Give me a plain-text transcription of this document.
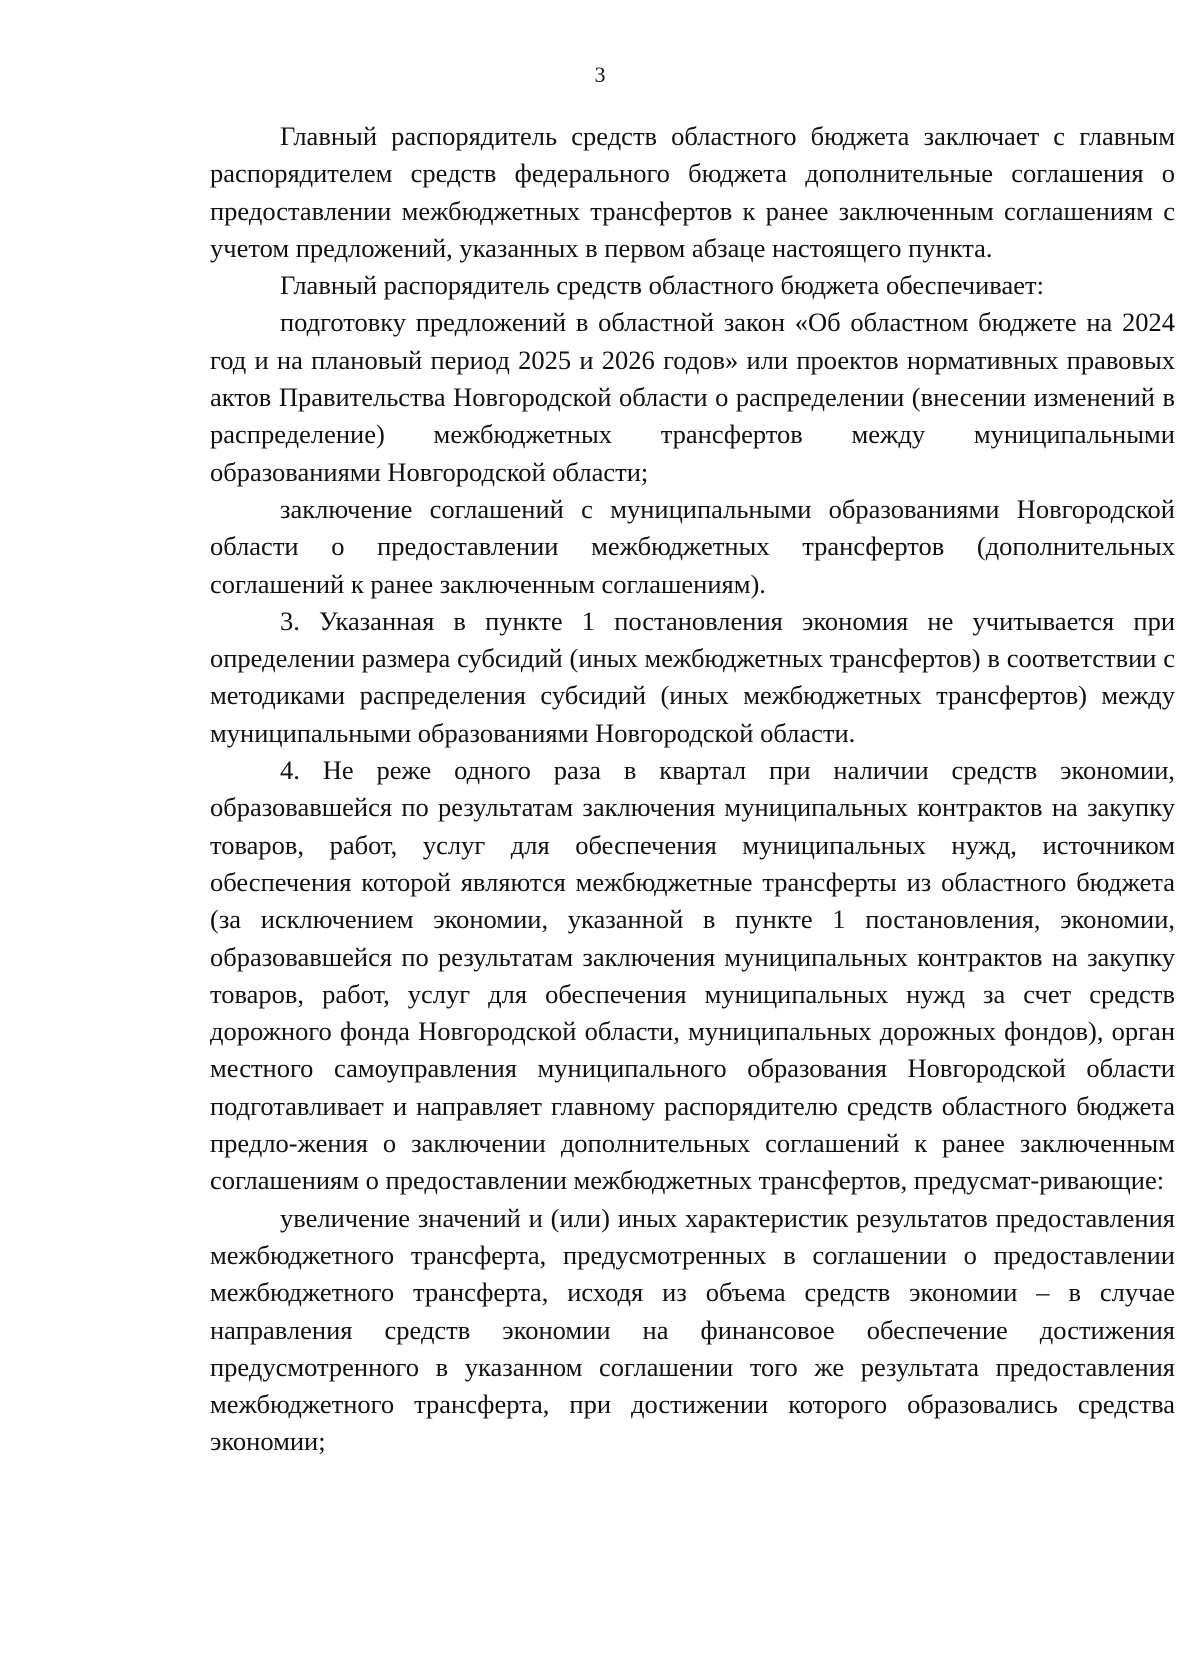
3

Главный распорядитель средств областного бюджета заключает с главным распорядителем средств федерального бюджета дополнительные соглашения о предоставлении межбюджетных трансфертов к ранее заключенным соглашениям с учетом предложений, указанных в первом абзаце настоящего пункта.

Главный распорядитель средств областного бюджета обеспечивает:

подготовку предложений в областной закон «Об областном бюджете на 2024 год и на плановый период 2025 и 2026 годов» или проектов нормативных правовых актов Правительства Новгородской области о распределении (внесении изменений в распределение) межбюджетных трансфертов между муниципальными образованиями Новгородской области;

заключение соглашений с муниципальными образованиями Новгородской области о предоставлении межбюджетных трансфертов (дополнительных соглашений к ранее заключенным соглашениям).

3. Указанная в пункте 1 постановления экономия не учитывается при определении размера субсидий (иных межбюджетных трансфертов) в соответствии с методиками распределения субсидий (иных межбюджетных трансфертов) между муниципальными образованиями Новгородской области.

4. Не реже одного раза в квартал при наличии средств экономии, образовавшейся по результатам заключения муниципальных контрактов на закупку товаров, работ, услуг для обеспечения муниципальных нужд, источником обеспечения которой являются межбюджетные трансферты из областного бюджета (за исключением экономии, указанной в пункте 1 постановления, экономии, образовавшейся по результатам заключения муниципальных контрактов на закупку товаров, работ, услуг для обеспечения муниципальных нужд за счет средств дорожного фонда Новгородской области, муниципальных дорожных фондов), орган местного самоуправления муниципального образования Новгородской области подготавливает и направляет главному распорядителю средств областного бюджета предло-жения о заключении дополнительных соглашений к ранее заключенным соглашениям о предоставлении межбюджетных трансфертов, предусмат-ривающие:

увеличение значений и (или) иных характеристик результатов предоставления межбюджетного трансферта, предусмотренных в соглашении о предоставлении межбюджетного трансферта, исходя из объема средств экономии – в случае направления средств экономии на финансовое обеспечение достижения предусмотренного в указанном соглашении того же результата предоставления межбюджетного трансферта, при достижении которого образовались средства экономии;
